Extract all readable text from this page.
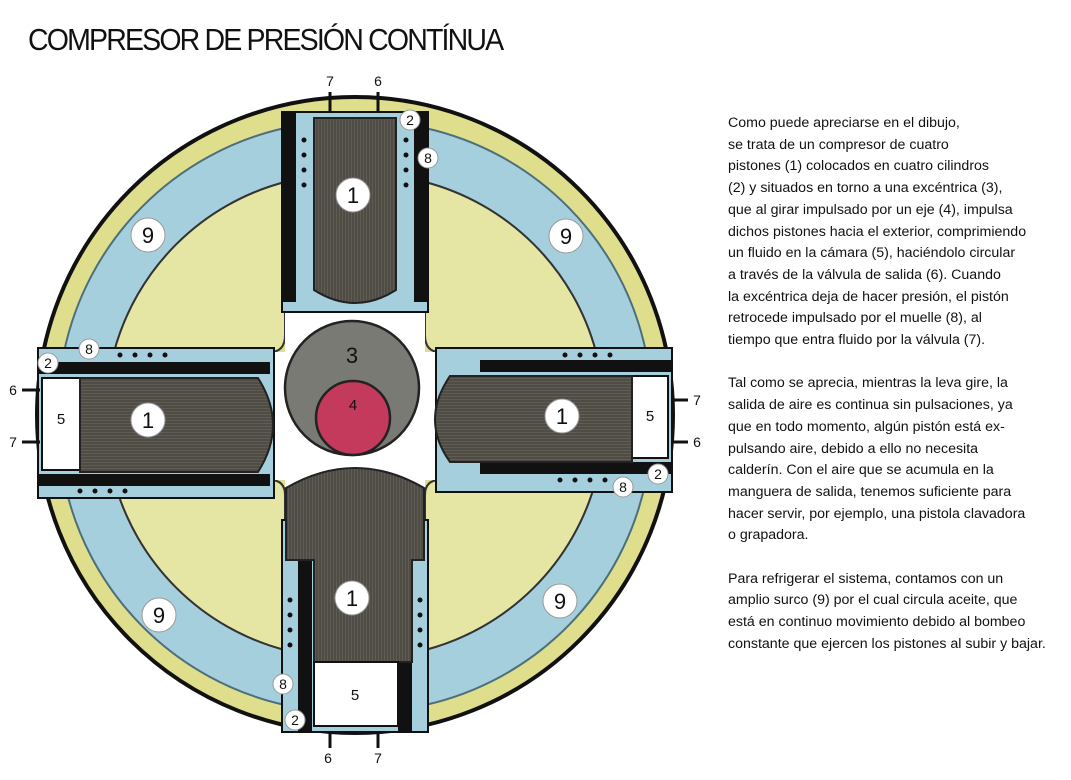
COMPRESOR DE PRESIÓN CONTÍNUA
1
1	1
1
3
4
9	9
9
9
5	5
5
2
2
2
2
8
8
8
8
7	6
6	7
6
7
7
6

Como puede apreciarse en el dibujo,
se trata de un compresor de cuatro
pistones (1) colocados en cuatro cilindros
(2) y situados en torno a una excéntrica (3),
que al girar impulsado por un eje (4), impulsa
dichos pistones hacia el exterior, comprimiendo
un fluido en la cámara (5), haciéndolo circular
a través de la válvula de salida (6). Cuando
la excéntrica deja de hacer presión, el pistón
retrocede impulsado por el muelle (8), al
tiempo que entra fluido por la válvula (7).

Tal como se aprecia, mientras la leva gire, la
salida de aire es continua sin pulsaciones, ya
que en todo momento, algún pistón está ex-
pulsando aire, debido a ello no necesita
calderín. Con el aire que se acumula en la
manguera de salida, tenemos suficiente para
hacer servir, por ejemplo, una pistola clavadora
o grapadora.

Para refrigerar el sistema, contamos con un
amplio surco (9) por el cual circula aceite, que
está en continuo movimiento debido al bombeo
constante que ejercen los pistones al subir y bajar.
